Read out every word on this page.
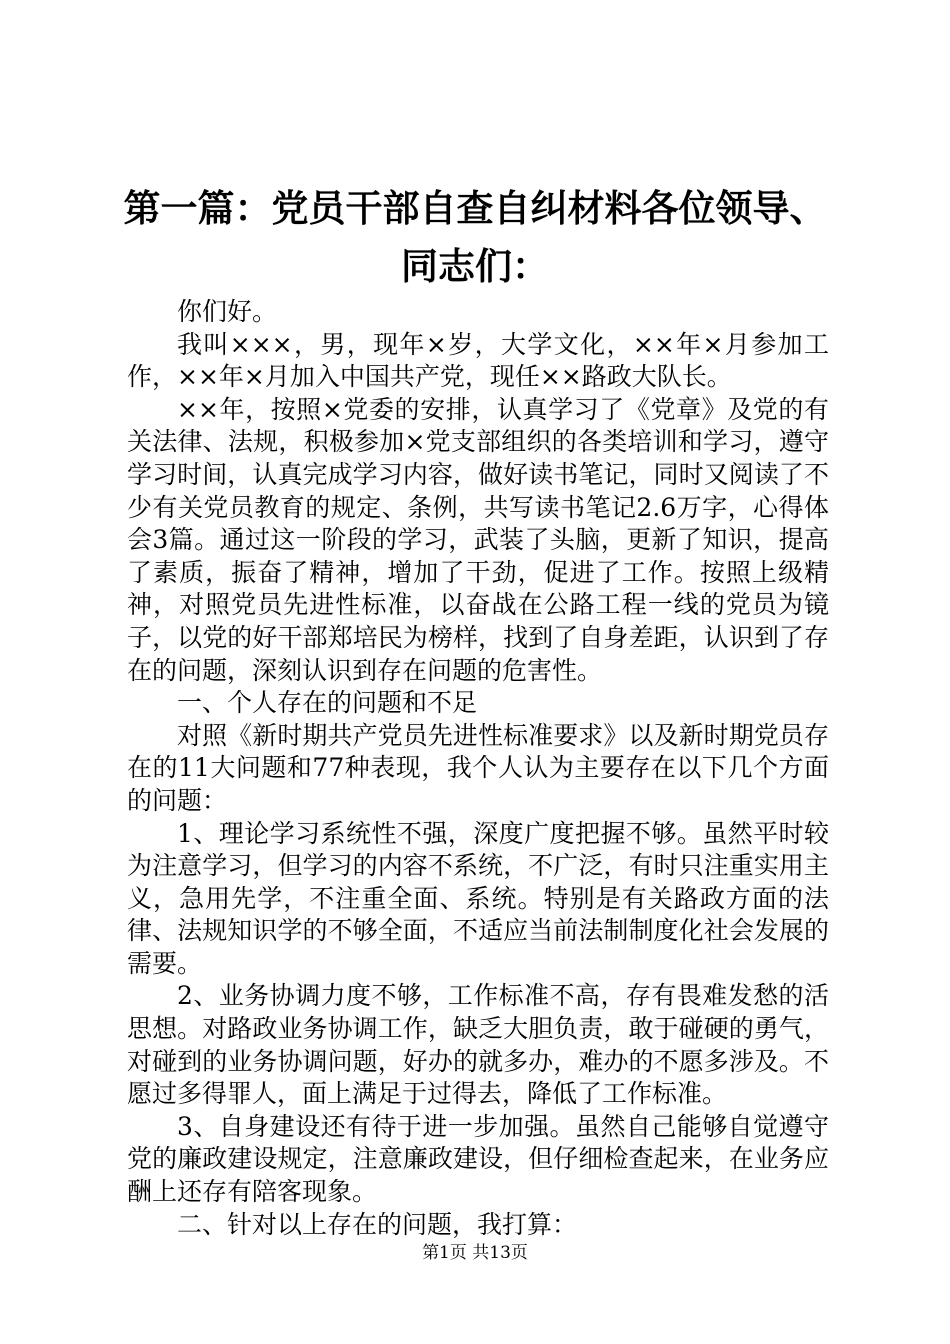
第一篇：党员干部自查自纠材料各位领导、同志们：

你们好。

我叫×××，男，现年×岁，大学文化，××年×月参加工作，××年×月加入中国共产党，现任××路政大队长。

××年，按照×党委的安排，认真学习了《党章》及党的有关法律、法规，积极参加×党支部组织的各类培训和学习，遵守学习时间，认真完成学习内容，做好读书笔记，同时又阅读了不少有关党员教育的规定、条例，共写读书笔记2.6万字，心得体会3篇。通过这一阶段的学习，武装了头脑，更新了知识，提高了素质，振奋了精神，增加了干劲，促进了工作。按照上级精神，对照党员先进性标准，以奋战在公路工程一线的党员为镜子，以党的好干部郑培民为榜样，找到了自身差距，认识到了存在的问题，深刻认识到存在问题的危害性。

一、个人存在的问题和不足

对照《新时期共产党员先进性标准要求》以及新时期党员存在的11大问题和77种表现，我个人认为主要存在以下几个方面的问题：

1、理论学习系统性不强，深度广度把握不够。虽然平时较为注意学习，但学习的内容不系统，不广泛，有时只注重实用主义，急用先学，不注重全面、系统。特别是有关路政方面的法律、法规知识学的不够全面，不适应当前法制制度化社会发展的需要。

2、业务协调力度不够，工作标准不高，存有畏难发愁的活思想。对路政业务协调工作，缺乏大胆负责，敢于碰硬的勇气，对碰到的业务协调问题，好办的就多办，难办的不愿多涉及。不愿过多得罪人，面上满足于过得去，降低了工作标准。

3、自身建设还有待于进一步加强。虽然自己能够自觉遵守党的廉政建设规定，注意廉政建设，但仔细检查起来，在业务应酬上还存有陪客现象。

二、针对以上存在的问题，我打算：

第1页 共13页
